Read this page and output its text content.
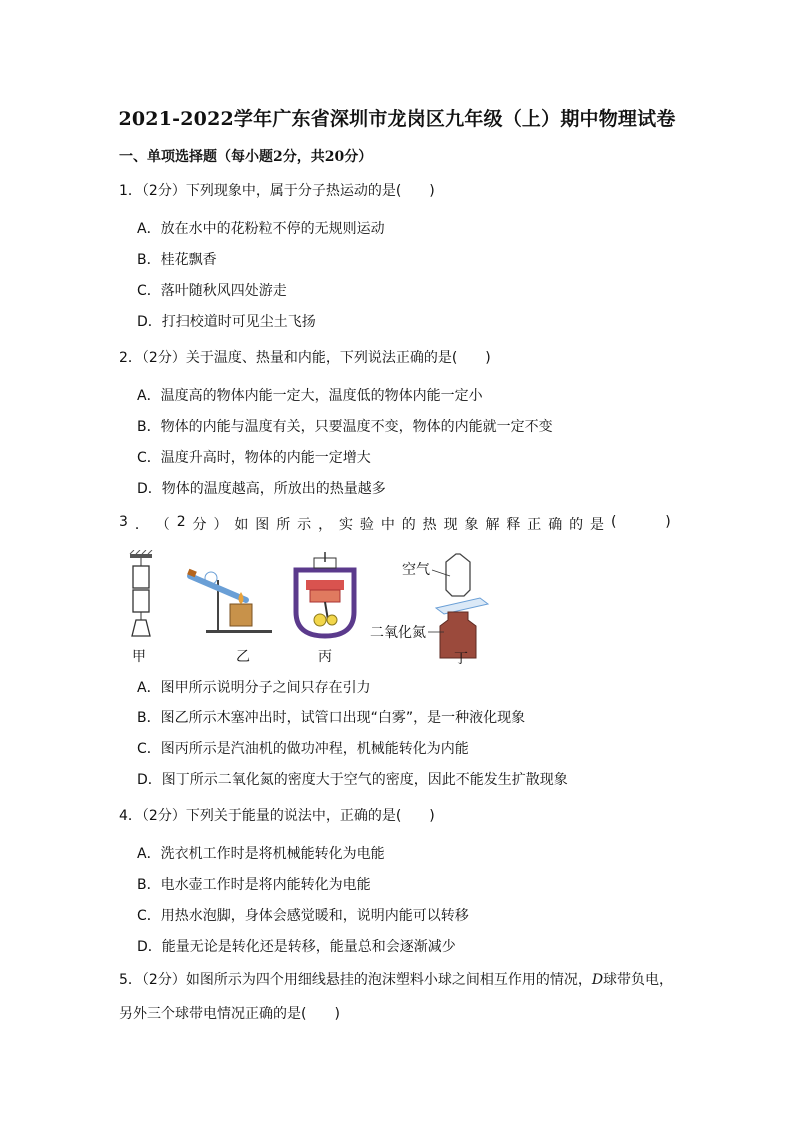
2021-2022学年广东省深圳市龙岗区九年级（上）期中物理试卷
一、单项选择题（每小题2分，共20分）
1．（2分）下列现象中，属于分子热运动的是(　　)
A．放在水中的花粉粒不停的无规则运动
B．桂花飘香
C．落叶随秋风四处游走
D．打扫校道时可见尘土飞扬
2．（2分）关于温度、热量和内能，下列说法正确的是(　　)
A．温度高的物体内能一定大，温度低的物体内能一定小
B．物体的内能与温度有关，只要温度不变，物体的内能就一定不变
C．温度升高时，物体的内能一定增大
D．物体的温度越高，所放出的热量越多
3 ． （ 2 分 ） 如 图 所 示 ， 实 验 中 的 热 现 象 解 释 正 确 的 是 (

　	)
甲	乙	丙
空气
二氧化氮
丁
A．图甲所示说明分子之间只存在引力
B．图乙所示木塞冲出时，试管口出现“白雾”，是一种液化现象
C．图丙所示是汽油机的做功冲程，机械能转化为内能
D．图丁所示二氧化氮的密度大于空气的密度，因此不能发生扩散现象
4．（2分）下列关于能量的说法中，正确的是(　　)
A．洗衣机工作时是将机械能转化为电能
B．电水壶工作时是将内能转化为电能
C．用热水泡脚，身体会感觉暖和，说明内能可以转移
D．能量无论是转化还是转移，能量总和会逐渐减少
5．（2分）如图所示为四个用细线悬挂的泡沫塑料小球之间相互作用的情况，D球带负电，
另外三个球带电情况正确的是(　　)
